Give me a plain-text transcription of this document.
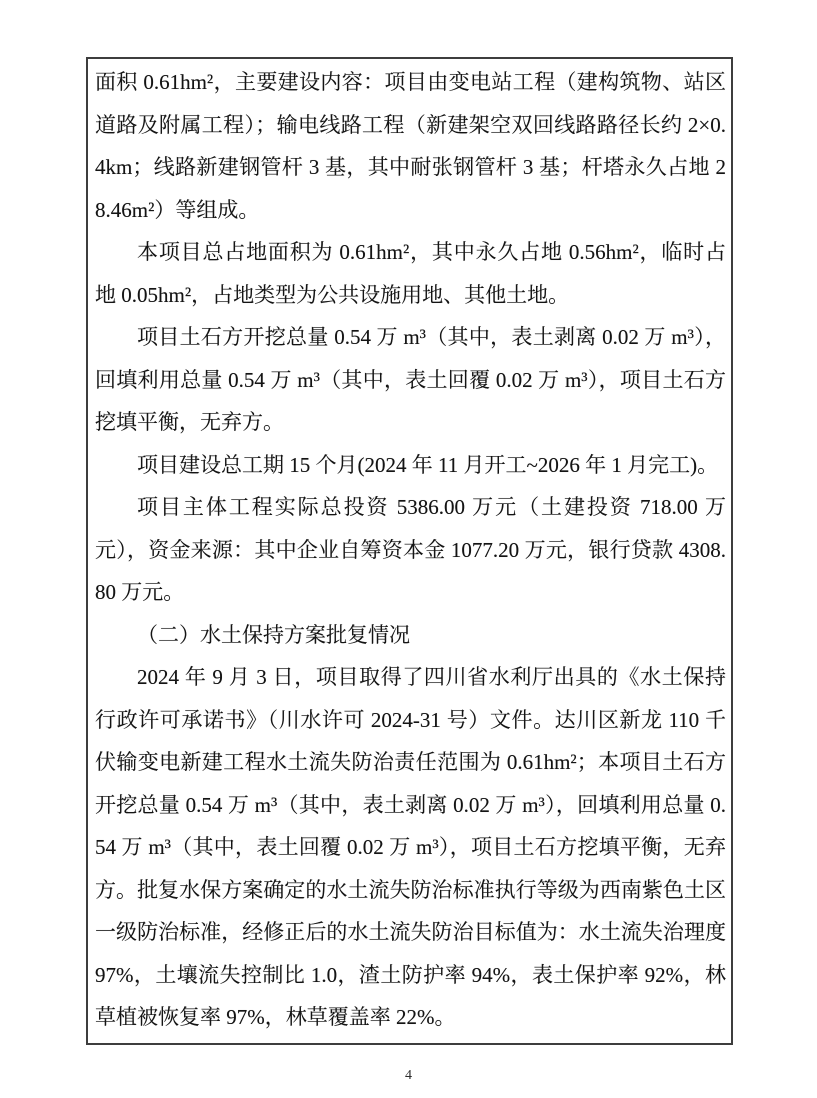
面积 0.61hm²，主要建设内容：项目由变电站工程（建构筑物、站区道路及附属工程）；输电线路工程（新建架空双回线路路径长约 2×0.4km；线路新建钢管杆 3 基，其中耐张钢管杆 3 基；杆塔永久占地 28.46m²）等组成。

本项目总占地面积为 0.61hm²，其中永久占地 0.56hm²，临时占地 0.05hm²，占地类型为公共设施用地、其他土地。

项目土石方开挖总量 0.54 万 m³（其中，表土剥离 0.02 万 m³），回填利用总量 0.54 万 m³（其中，表土回覆 0.02 万 m³），项目土石方挖填平衡，无弃方。

项目建设总工期 15 个月(2024 年 11 月开工~2026 年 1 月完工)。

项目主体工程实际总投资 5386.00 万元（土建投资 718.00 万元），资金来源：其中企业自筹资本金 1077.20 万元，银行贷款 4308.80 万元。

（二）水土保持方案批复情况

2024 年 9 月 3 日，项目取得了四川省水利厅出具的《水土保持行政许可承诺书》（川水许可 2024-31 号）文件。达川区新龙 110 千伏输变电新建工程水土流失防治责任范围为 0.61hm²；本项目土石方开挖总量 0.54 万 m³（其中，表土剥离 0.02 万 m³），回填利用总量 0.54 万 m³（其中，表土回覆 0.02 万 m³），项目土石方挖填平衡，无弃方。批复水保方案确定的水土流失防治标准执行等级为西南紫色土区一级防治标准，经修正后的水土流失防治目标值为：水土流失治理度 97%，土壤流失控制比 1.0，渣土防护率 94%，表土保护率 92%，林草植被恢复率 97%，林草覆盖率 22%。

4
